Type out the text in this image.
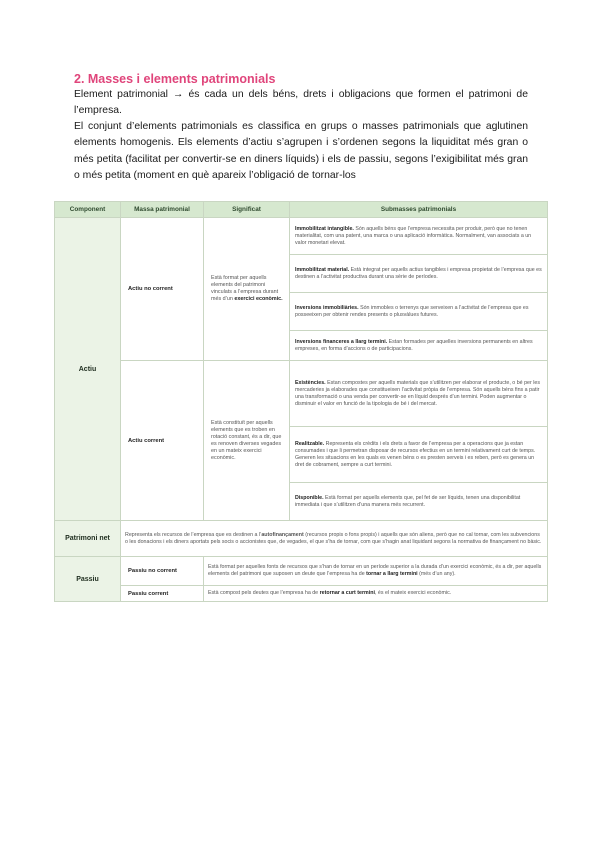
2. Masses i elements patrimonials

Element patrimonial → és cada un dels béns, drets i obligacions que formen el patrimoni de l’empresa.

El conjunt d’elements patrimonials es classifica en grups o masses patrimonials que aglutinen elements homogenis. Els elements d’actiu s’agrupen i s’ordenen segons la liquiditat més gran o més petita (facilitat per convertir-se en diners líquids) i els de passiu, segons l’exigibilitat més gran o més petita (moment en què apareix l’obligació de tornar-los

Component	Massa patrimonial	Significat	Submasses patrimonials
Actiu	Actiu no corrent	Està format per aquells elements del patrimoni vinculats a l’empresa durant més d’un exercici econòmic.	Immobilitzat intangible. Són aquells béns que l’empresa necessita per produir, però que no tenen materialitat, com una patent, una marca o una aplicació informàtica. Normalment, van associats a un valor monetari elevat.
			Immobilitzat material. Està integrat per aquells actius tangibles i empresa propietat de l’empresa que es destinen a l’activitat productiva durant una sèrie de períodes.
			Inversions immobiliàries. Són immobles o terrenys que serveixen a l’activitat de l’empresa que es posseeixen per obtenir rendes presents o plusvàlues futures.
			Inversions financeres a llarg termini. Estan formades per aquelles inversions permanents en altres empreses, en forma d’accions o de participacions.
	Actiu corrent	Està constituït per aquells elements que es troben en rotació constant, és a dir, que es renoven diverses vegades en un mateix exercici econòmic.	Existències. Estan compostes per aquells materials que s’utilitzen per elaborar el producte, o bé per les mercaderies ja elaborades que constitueixen l’activitat pròpia de l’empresa. Són aquells béns fins a patir una transformació o una venda per convertir-se en líquid després d’un termini. Poden augmentar o disminuir el valor en funció de la tipologia de bé i del mercat.
			Realitzable. Representa els crèdits i els drets a favor de l’empresa per a operacions que ja estan consumades i que li permetran disposar de recursos efectius en un termini relativament curt de temps. Generen les situacions en les quals es venen béns o es presten serveis i es reben, però es genera un dret de cobrament, sempre a curt termini.
			Disponible. Està format per aquells elements que, pel fet de ser líquids, tenen una disponibilitat immediata i que s’utilitzen d’una manera més recurrent.
Patrimoni net	Representa els recursos de l’empresa que es destinen a l’autofinançament (recursos propis o fons propis) i aquells que són aliens, però que no cal tornar, com les subvencions o les donacions i els diners aportats pels socis o accionistes que, de vegades, el que s’ha de tornar, com que s’hagin anat liquidant segons la normativa de finançament no bàsic.		
Passiu	Passiu no corrent	Està format per aquelles fonts de recursos que s’han de tornar en un període superior a la durada d’un exercici econòmic, és a dir, per aquells elements del patrimoni que suposen un deute que l’empresa ha de tornar a llarg termini (més d’un any).	
	Passiu corrent	Està compost pels deutes que l’empresa ha de retornar a curt termini, és el mateix exercici econòmic.	
